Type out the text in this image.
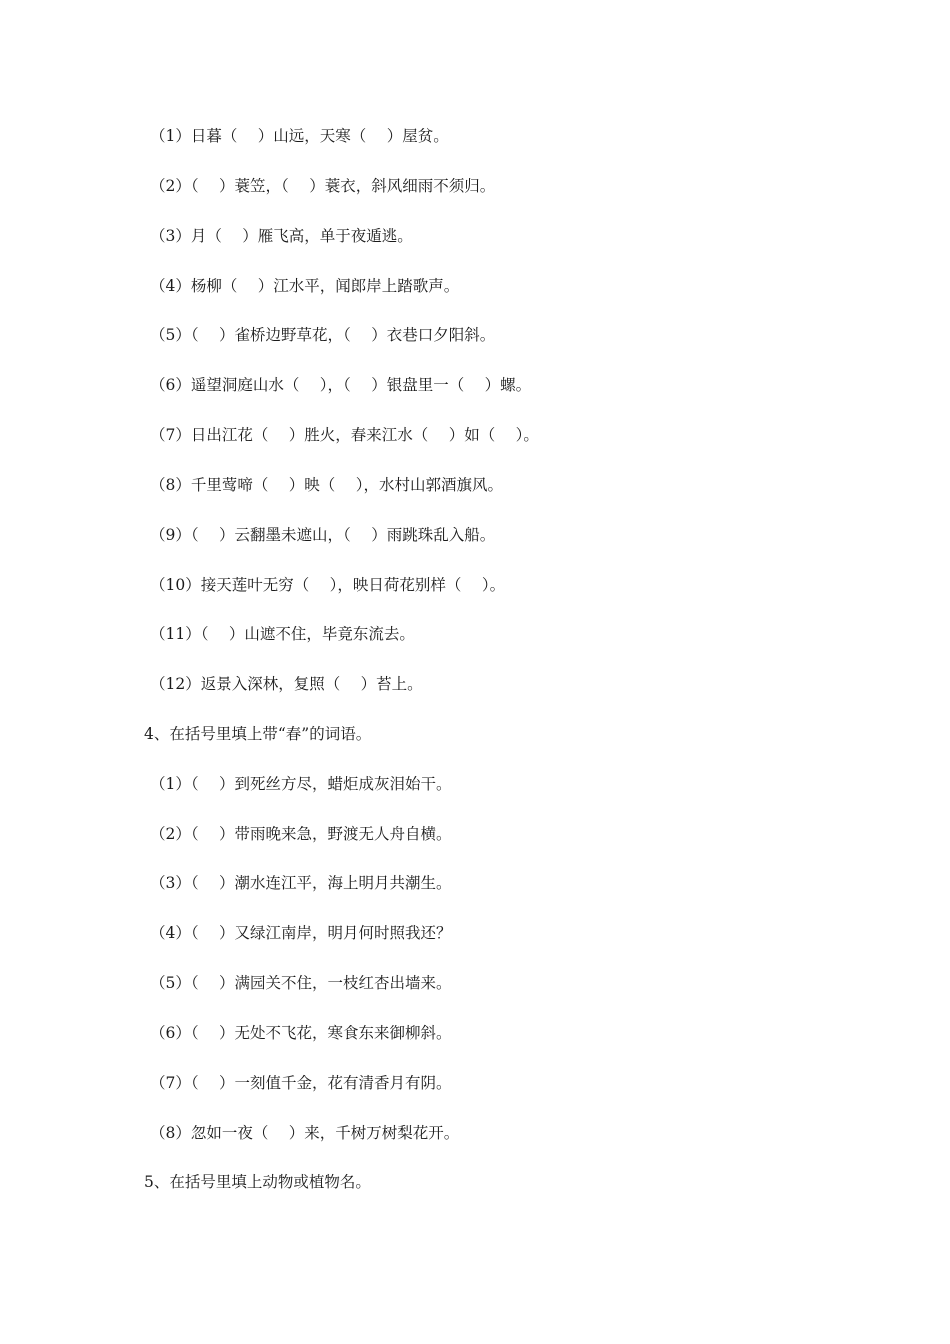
（1）日暮（　 ）山远，天寒（　 ）屋贫。
（2）（　 ）蓑笠，（　 ）蓑衣，斜风细雨不须归。
（3）月（　 ）雁飞高，单于夜遁逃。
（4）杨柳（　 ）江水平，闻郎岸上踏歌声。
（5）（　 ）雀桥边野草花，（　 ）衣巷口夕阳斜。
（6）遥望洞庭山水（　 ），（　 ）银盘里一（　 ）螺。
（7）日出江花（　 ）胜火，春来江水（　 ）如（　 ）。
（8）千里莺啼（　 ）映（　 ），水村山郭酒旗风。
（9）（　 ）云翻墨未遮山，（　 ）雨跳珠乱入船。
（10）接天莲叶无穷（　 ），映日荷花别样（　 ）。
（11）（　 ）山遮不住，毕竟东流去。
（12）返景入深林，复照（　 ）苔上。
4、在括号里填上带“春”的词语。
（1）（　 ）到死丝方尽，蜡炬成灰泪始干。
（2）（　 ）带雨晚来急，野渡无人舟自横。
（3）（　 ）潮水连江平，海上明月共潮生。
（4）（　 ）又绿江南岸，明月何时照我还？
（5）（　 ）满园关不住，一枝红杏出墙来。
（6）（　 ）无处不飞花，寒食东来御柳斜。
（7）（　 ）一刻值千金，花有清香月有阴。
（8）忽如一夜（　 ）来，千树万树梨花开。
5、在括号里填上动物或植物名。
